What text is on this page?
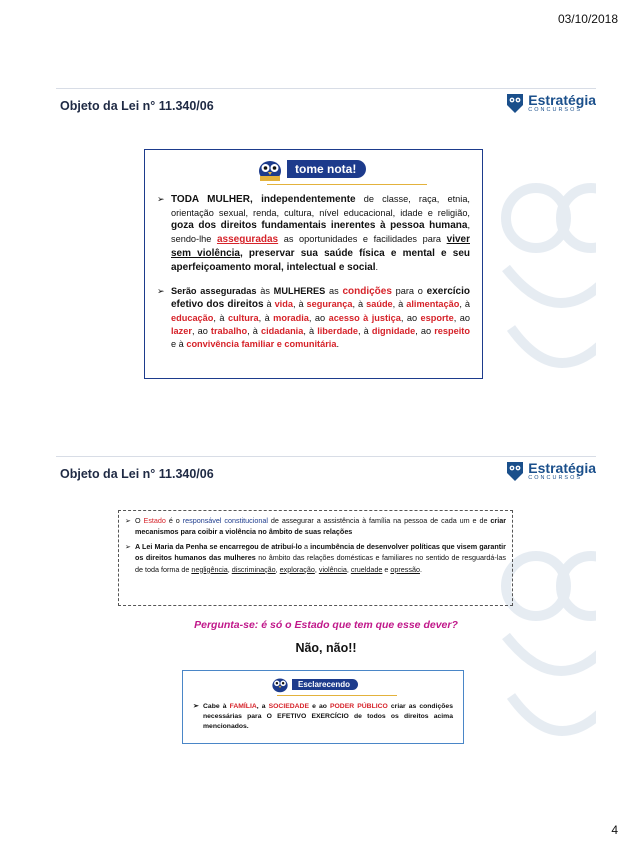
03/10/2018
Objeto da Lei n° 11.340/06	Estratégia
CONCURSOS
tome nota!

➢ TODA MULHER, independentemente de classe, raça, etnia, orientação sexual, renda, cultura, nível educacional, idade e religião, goza dos direitos fundamentais inerentes à pessoa humana, sendo-lhe asseguradas as oportunidades e facilidades para viver sem violência, preservar sua saúde física e mental e seu aperfeiçoamento moral, intelectual e social.

➢ Serão asseguradas às MULHERES as condições para o exercício efetivo dos direitos à vida, à segurança, à saúde, à alimentação, à educação, à cultura, à moradia, ao acesso à justiça, ao esporte, ao lazer, ao trabalho, à cidadania, à liberdade, à dignidade, ao respeito e à convivência familiar e comunitária.

Objeto da Lei n° 11.340/06	Estratégia
CONCURSOS

➢ O Estado é o responsável constitucional de assegurar a assistência à família na pessoa de cada um e de criar mecanismos para coibir a violência no âmbito de suas relações

➢ A Lei Maria da Penha se encarregou de atribuí-lo a incumbência de desenvolver políticas que visem garantir os direitos humanos das mulheres no âmbito das relações domésticas e familiares no sentido de resguardá-las de toda forma de negligência, discriminação, exploração, violência, crueldade e opressão.

Pergunta-se: é só o Estado que tem que esse dever?
Não, não!!
Esclarecendo

➢ Cabe à FAMÍLIA, a SOCIEDADE e ao PODER PÚBLICO criar as condições necessárias para O EFETIVO EXERCÍCIO de todos os direitos acima mencionados.

4
